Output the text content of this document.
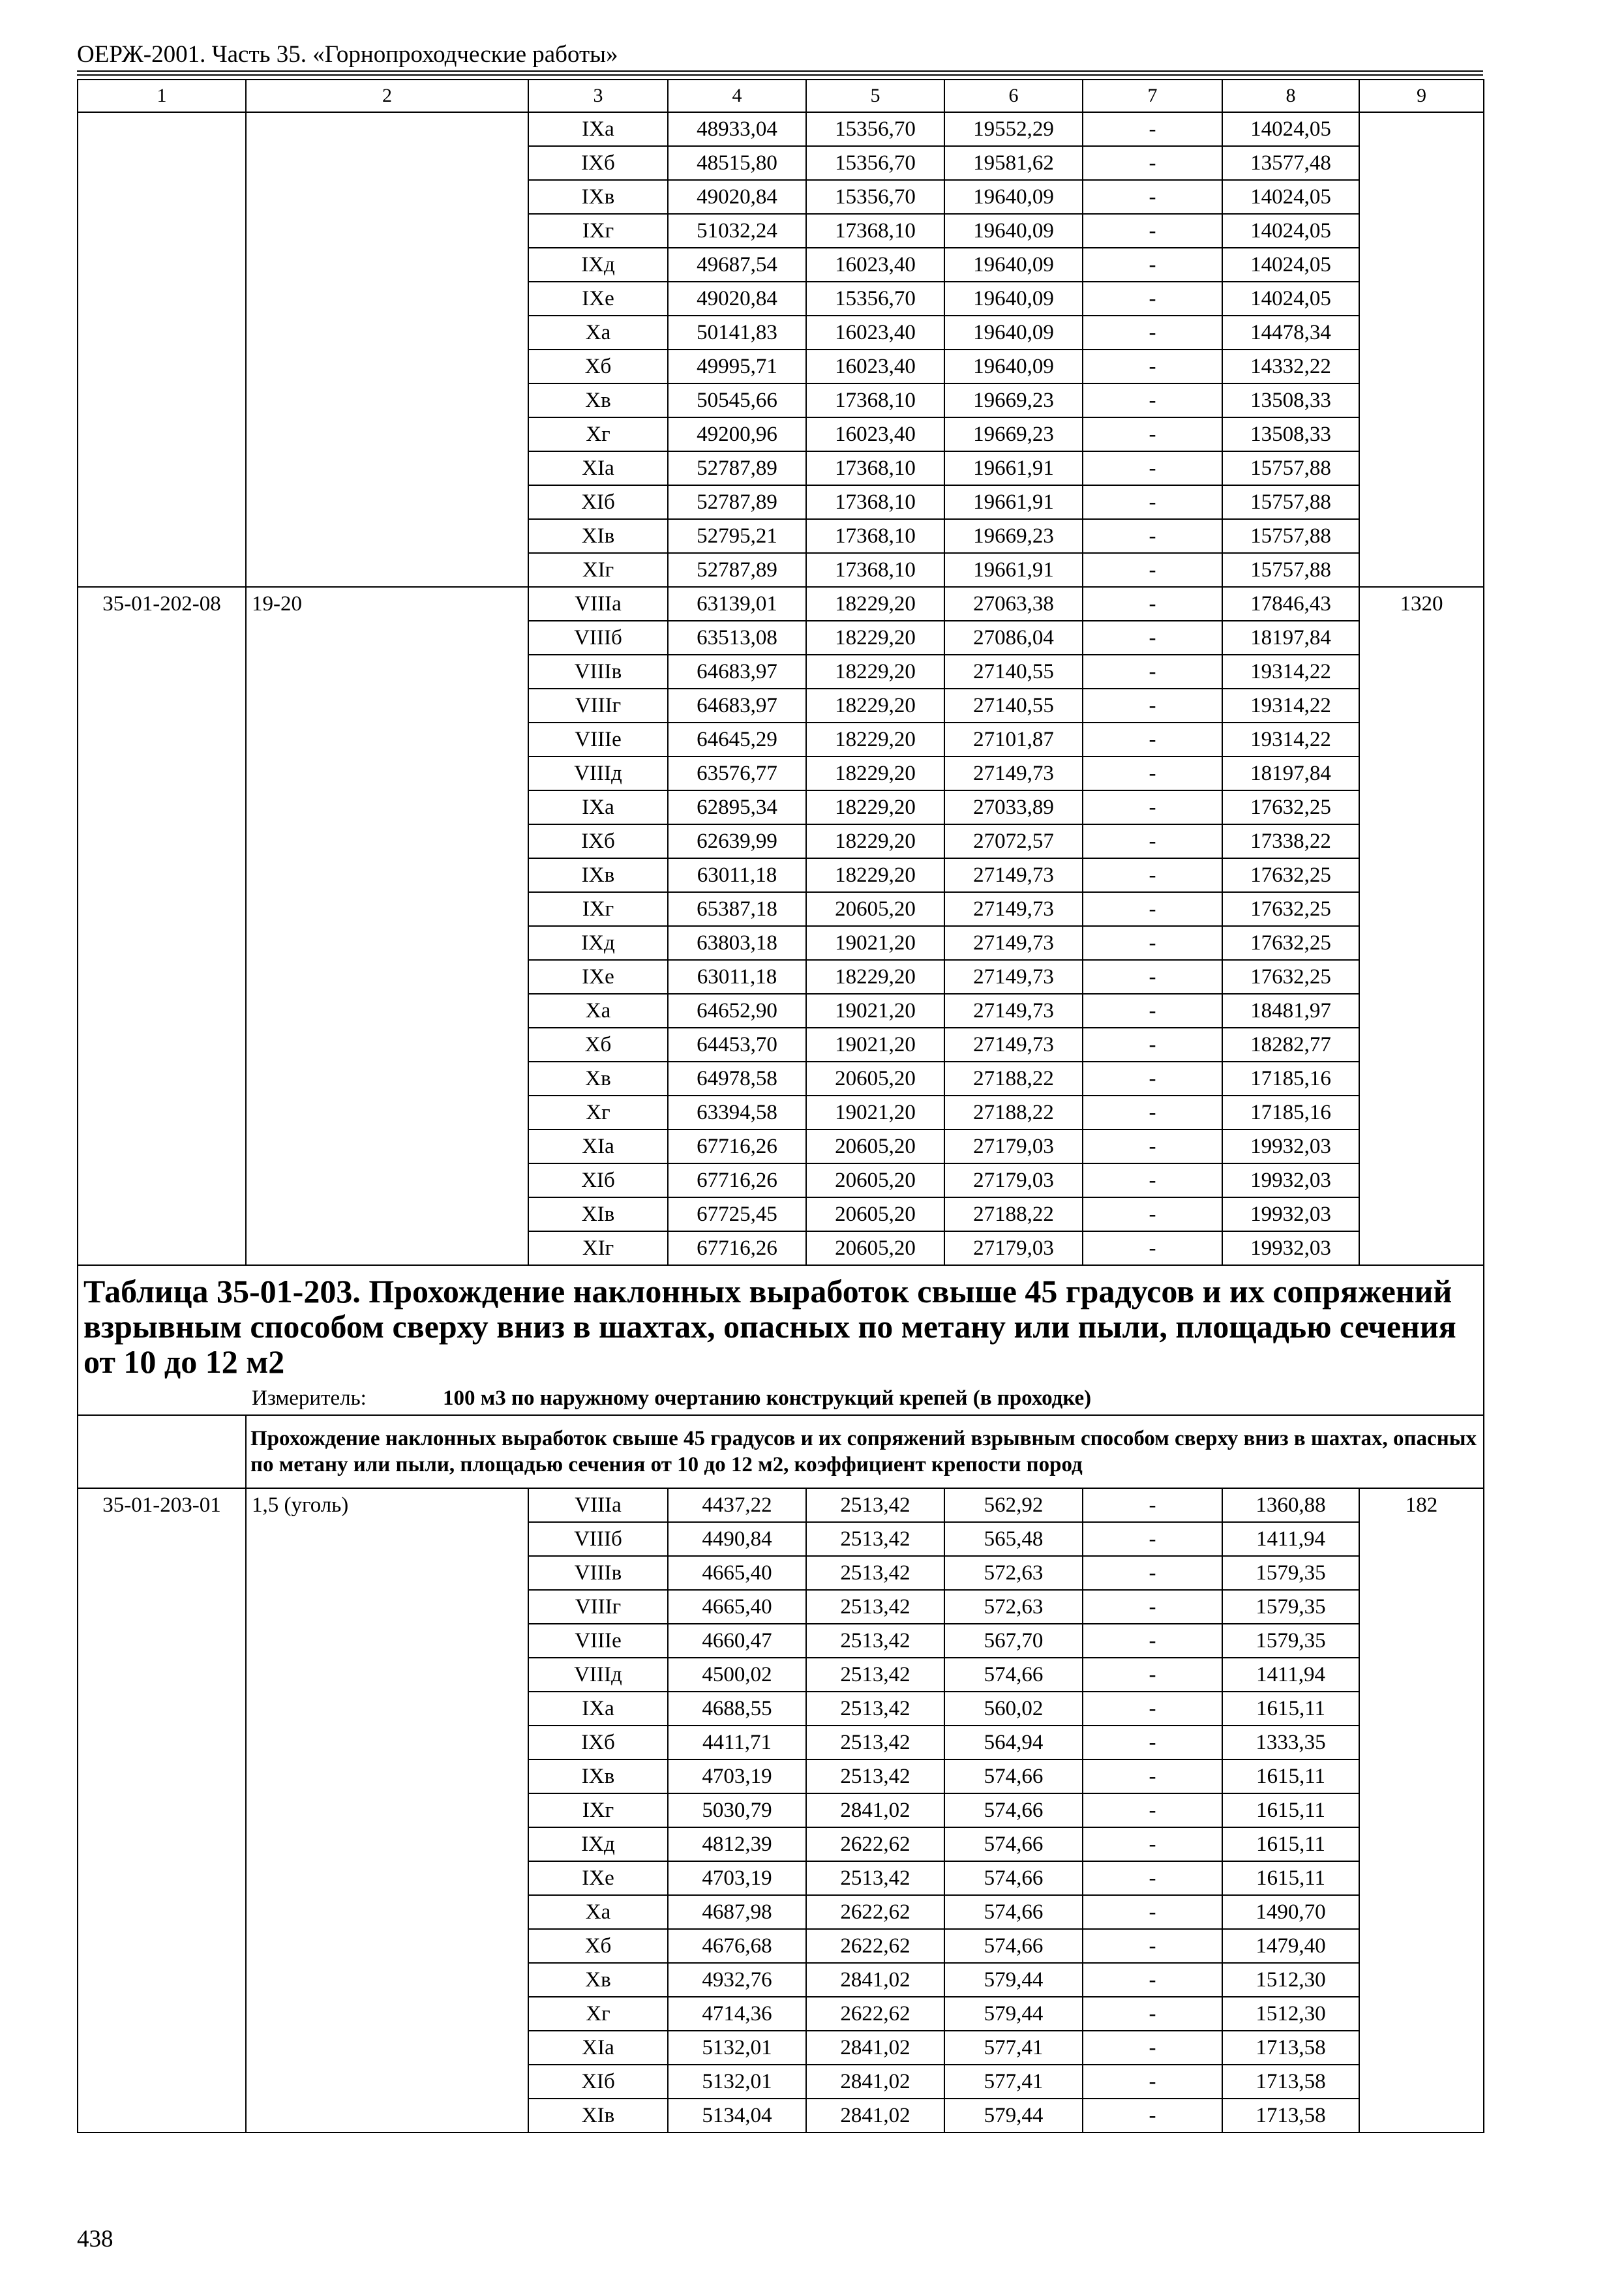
ОЕРЖ-2001. Часть 35. «Горнопроходческие работы»
1	2	3	4	5	6	7	8	9
		IXа	48933,04	15356,70	19552,29	-	14024,05	
		IXб	48515,80	15356,70	19581,62	-	13577,48	
		IXв	49020,84	15356,70	19640,09	-	14024,05	
		IXг	51032,24	17368,10	19640,09	-	14024,05	
		IXд	49687,54	16023,40	19640,09	-	14024,05	
		IXе	49020,84	15356,70	19640,09	-	14024,05	
		Xа	50141,83	16023,40	19640,09	-	14478,34	
		Xб	49995,71	16023,40	19640,09	-	14332,22	
		Xв	50545,66	17368,10	19669,23	-	13508,33	
		Xг	49200,96	16023,40	19669,23	-	13508,33	
		XIа	52787,89	17368,10	19661,91	-	15757,88	
		XIб	52787,89	17368,10	19661,91	-	15757,88	
		XIв	52795,21	17368,10	19669,23	-	15757,88	
		XIг	52787,89	17368,10	19661,91	-	15757,88	
35-01-202-08	19-20	VIIIа	63139,01	18229,20	27063,38	-	17846,43	1320
		VIIIб	63513,08	18229,20	27086,04	-	18197,84	
		VIIIв	64683,97	18229,20	27140,55	-	19314,22	
		VIIIг	64683,97	18229,20	27140,55	-	19314,22	
		VIIIе	64645,29	18229,20	27101,87	-	19314,22	
		VIIIд	63576,77	18229,20	27149,73	-	18197,84	
		IXа	62895,34	18229,20	27033,89	-	17632,25	
		IXб	62639,99	18229,20	27072,57	-	17338,22	
		IXв	63011,18	18229,20	27149,73	-	17632,25	
		IXг	65387,18	20605,20	27149,73	-	17632,25	
		IXд	63803,18	19021,20	27149,73	-	17632,25	
		IXе	63011,18	18229,20	27149,73	-	17632,25	
		Xа	64652,90	19021,20	27149,73	-	18481,97	
		Xб	64453,70	19021,20	27149,73	-	18282,77	
		Xв	64978,58	20605,20	27188,22	-	17185,16	
		Xг	63394,58	19021,20	27188,22	-	17185,16	
		XIа	67716,26	20605,20	27179,03	-	19932,03	
		XIб	67716,26	20605,20	27179,03	-	19932,03	
		XIв	67725,45	20605,20	27188,22	-	19932,03	
		XIг	67716,26	20605,20	27179,03	-	19932,03	
Таблица 35-01-203. Прохождение наклонных выработок свыше 45 градусов и их сопряжений взрывным способом сверху вниз в шахтах, опасных по метану или пыли, площадью сечения от 10 до 12 м2								
Измеритель: 100 м3 по наружному очертанию конструкций крепей (в проходке)								
	Прохождение наклонных выработок свыше 45 градусов и их сопряжений взрывным способом сверху вниз в шахтах, опасных по метану или пыли, площадью сечения от 10 до 12 м2, коэффициент крепости пород							
35-01-203-01	1,5 (уголь)	VIIIа	4437,22	2513,42	562,92	-	1360,88	182
		VIIIб	4490,84	2513,42	565,48	-	1411,94	
		VIIIв	4665,40	2513,42	572,63	-	1579,35	
		VIIIг	4665,40	2513,42	572,63	-	1579,35	
		VIIIе	4660,47	2513,42	567,70	-	1579,35	
		VIIIд	4500,02	2513,42	574,66	-	1411,94	
		IXа	4688,55	2513,42	560,02	-	1615,11	
		IXб	4411,71	2513,42	564,94	-	1333,35	
		IXв	4703,19	2513,42	574,66	-	1615,11	
		IXг	5030,79	2841,02	574,66	-	1615,11	
		IXд	4812,39	2622,62	574,66	-	1615,11	
		IXе	4703,19	2513,42	574,66	-	1615,11	
		Xа	4687,98	2622,62	574,66	-	1490,70	
		Xб	4676,68	2622,62	574,66	-	1479,40	
		Xв	4932,76	2841,02	579,44	-	1512,30	
		Xг	4714,36	2622,62	579,44	-	1512,30	
		XIа	5132,01	2841,02	577,41	-	1713,58	
		XIб	5132,01	2841,02	577,41	-	1713,58	
		XIв	5134,04	2841,02	579,44	-	1713,58	
438
